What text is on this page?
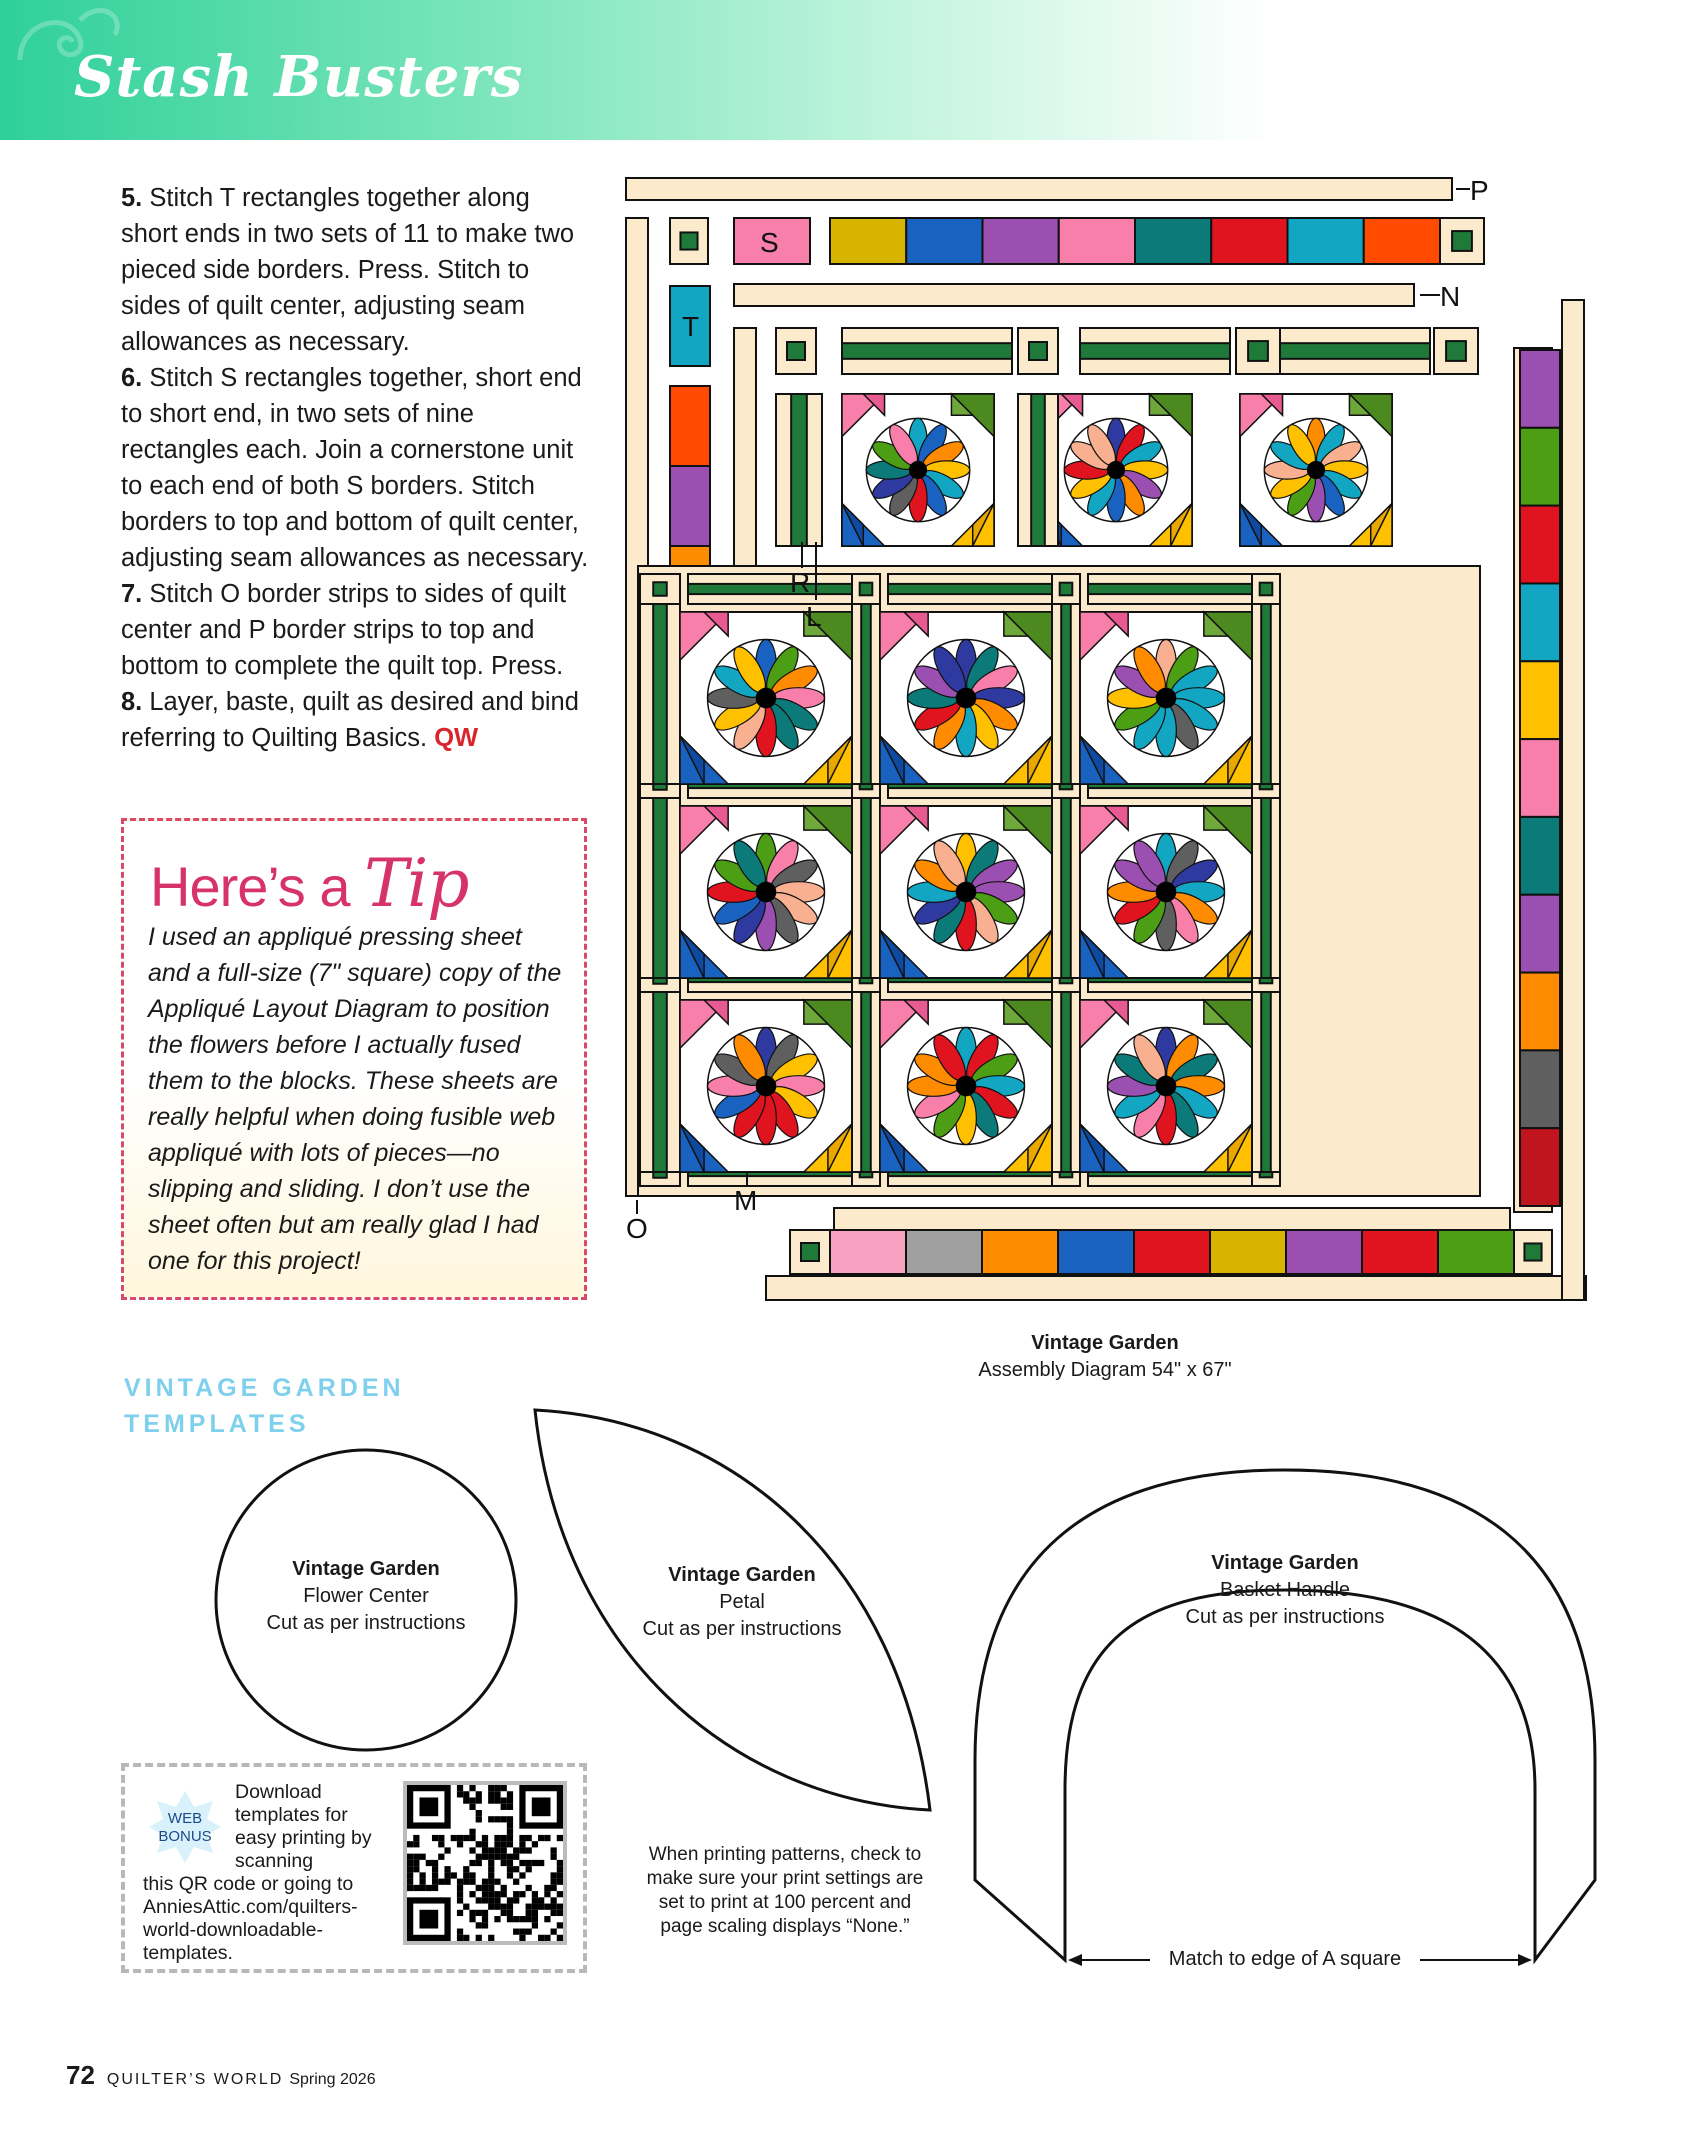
Stash Busters

5. Stitch T rectangles together along short ends in two sets of 11 to make two pieced side borders. Press. Stitch to sides of quilt center, adjusting seam allowances as necessary.

6. Stitch S rectangles together, short end to short end, in two sets of nine rectangles each. Join a cornerstone unit to each end of both S borders. Stitch borders to top and bottom of quilt center, adjusting seam allowances as necessary.

7. Stitch O border strips to sides of quilt center and P border strips to top and bottom to complete the quilt top. Press.

8. Layer, baste, quilt as desired and bind referring to Quilting Basics. QW

Here’s a Tip
I used an appliqué pressing sheet and a full-size (7" square) copy of the Appliqué Layout Diagram to position the flowers before I actually fused them to the blocks. These sheets are really helpful when doing fusible web appliqué with lots of pieces—no slipping and sliding. I don’t use the sheet often but am really glad I had one for this project!
P
S
N
T
R
L
M
O
Vintage Garden
Assembly Diagram 54" x 67"
VINTAGE GARDEN
TEMPLATES
Vintage Garden
Flower Center
Cut as per instructions
Vintage Garden
Petal
Cut as per instructions
Vintage Garden
Basket Handle
Cut as per instructions
Match to edge of A square
WEB
BONUS
Download templates for easy printing by scanning
this QR code or going to AnniesAttic.com/quilters-world-downloadable-templates.
When printing patterns, check to make sure your print settings are set to print at 100 percent and page scaling displays “None.”
72 QUILTER’S WORLD Spring 2026
